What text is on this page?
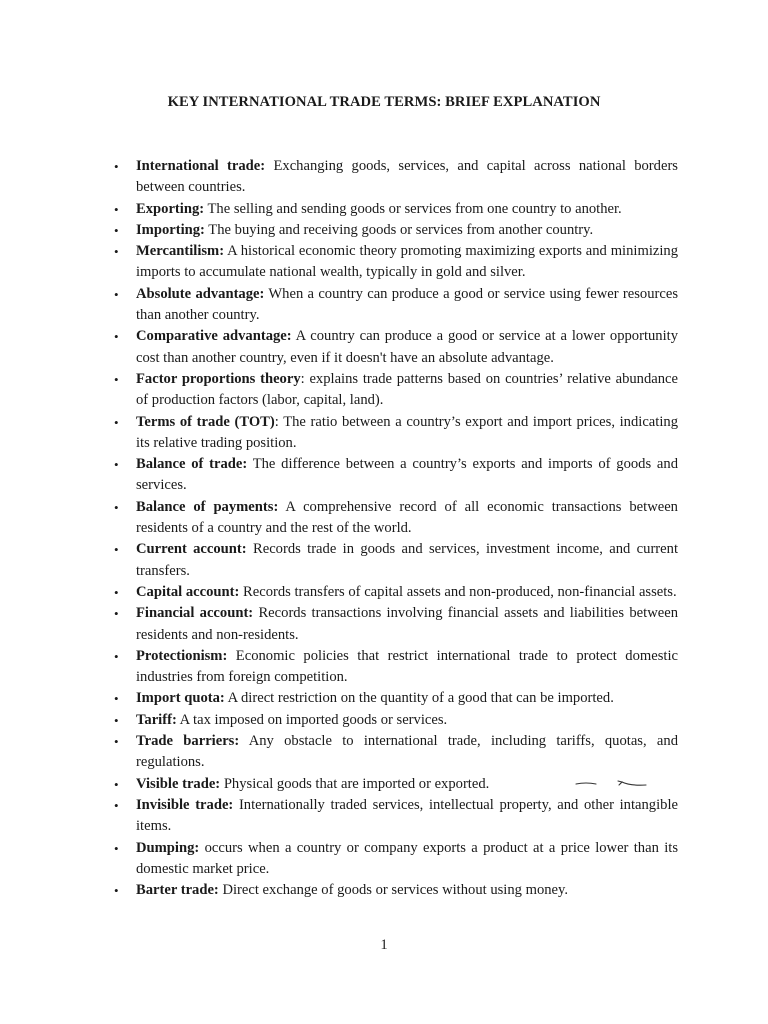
KEY INTERNATIONAL TRADE TERMS: BRIEF EXPLANATION
• International trade: Exchanging goods, services, and capital across national borders between countries.
• Exporting: The selling and sending goods or services from one country to another.
• Importing: The buying and receiving goods or services from another country.
• Mercantilism: A historical economic theory promoting maximizing exports and minimizing imports to accumulate national wealth, typically in gold and silver.
• Absolute advantage: When a country can produce a good or service using fewer resources than another country.
• Comparative advantage: A country can produce a good or service at a lower opportunity cost than another country, even if it doesn't have an absolute advantage.
• Factor proportions theory: explains trade patterns based on countries’ relative abundance of production factors (labor, capital, land).
• Terms of trade (TOT): The ratio between a country’s export and import prices, indicating its relative trading position.
• Balance of trade: The difference between a country’s exports and imports of goods and services.
• Balance of payments: A comprehensive record of all economic transactions between residents of a country and the rest of the world.
• Current account: Records trade in goods and services, investment income, and current transfers.
• Capital account: Records transfers of capital assets and non-produced, non-financial assets.
• Financial account: Records transactions involving financial assets and liabilities between residents and non-residents.
• Protectionism: Economic policies that restrict international trade to protect domestic industries from foreign competition.
• Import quota: A direct restriction on the quantity of a good that can be imported.
• Tariff: A tax imposed on imported goods or services.
• Trade barriers: Any obstacle to international trade, including tariffs, quotas, and regulations.
• Visible trade: Physical goods that are imported or exported.
• Invisible trade: Internationally traded services, intellectual property, and other intangible items.
• Dumping: occurs when a country or company exports a product at a price lower than its domestic market price.
• Barter trade: Direct exchange of goods or services without using money.
1
